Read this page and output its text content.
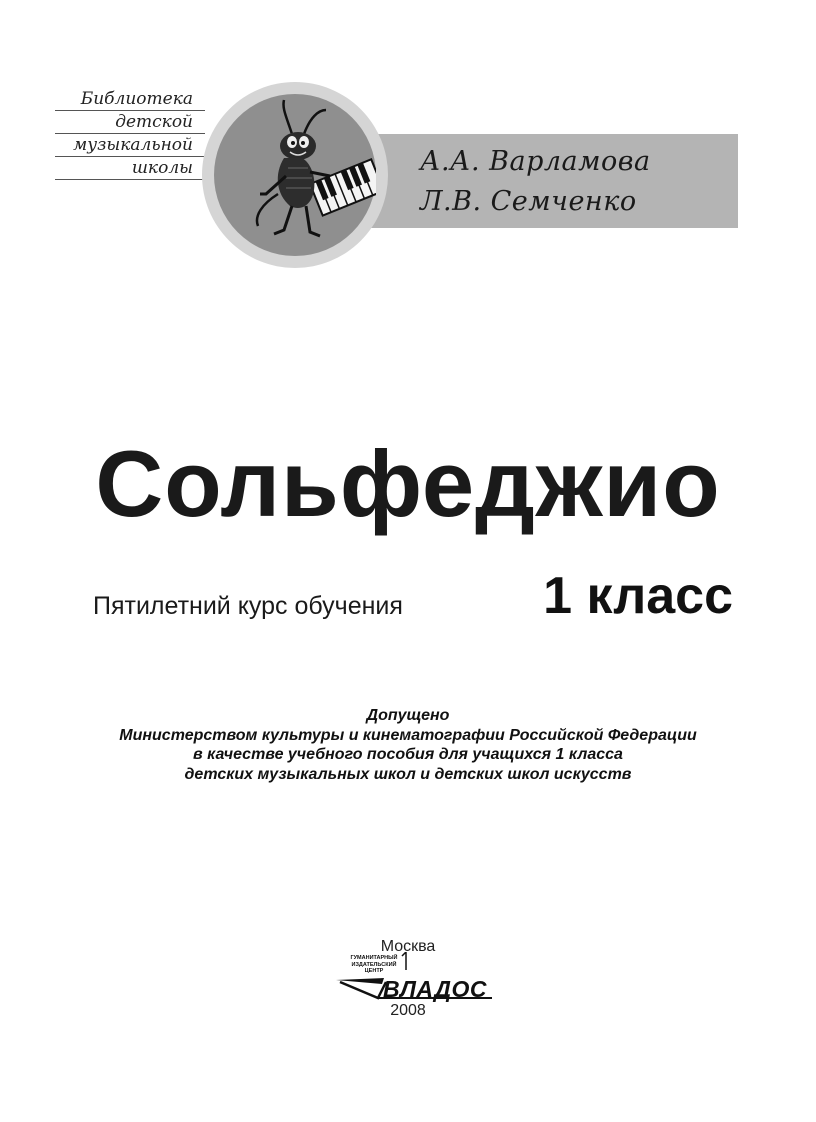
Библиотека
детской
музыкальной
школы	А.А. Варламова
Л.В. Семченко
Сольфеджио
Пятилетний курс обучения	1 класс
Допущено
Министерством культуры и кинематографии Российской Федерации
в качестве учебного пособия для учащихся 1 класса
детских музыкальных школ и детских школ искусств
Москва
ГУМАНИТАРНЫЙ
ИЗДАТЕЛЬСКИЙ
ЦЕНТР
ВЛАДОС
2008
